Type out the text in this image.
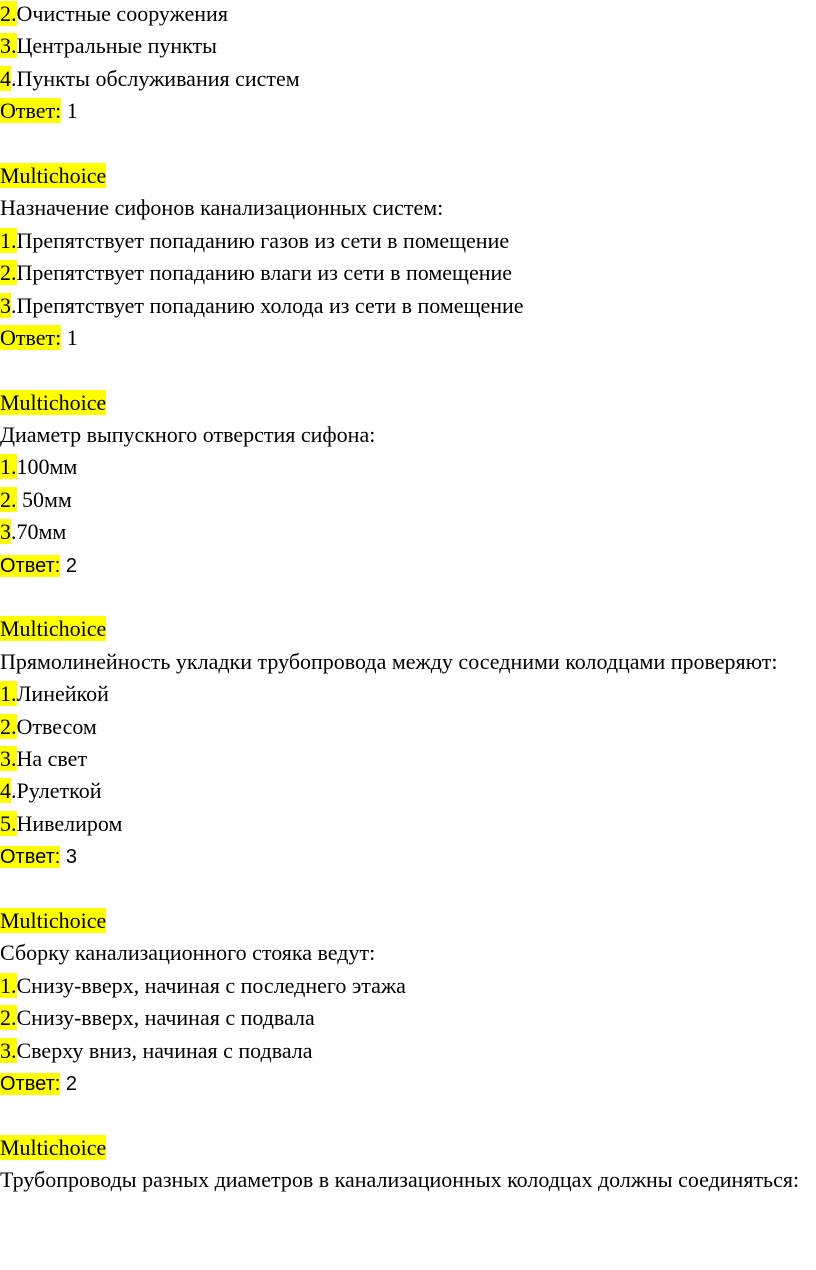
2.Очистные сооружения
3.Центральные пункты
4.Пункты обслуживания систем
Ответ: 1
Multichoice
Назначение сифонов канализационных систем:
1.Препятствует попаданию газов из сети в помещение
2.Препятствует попаданию влаги из сети в помещение
3.Препятствует попаданию холода из сети в помещение
Ответ: 1
Multichoice
Диаметр выпускного отверстия сифона:
1.100мм
2. 50мм
3.70мм
Ответ: 2
Multichoice
Прямолинейность укладки трубопровода между соседними колодцами проверяют:
1.Линейкой
2.Отвесом
3.На свет
4.Рулеткой
5.Нивелиром
Ответ: 3
Multichoice
Сборку канализационного стояка ведут:
1.Снизу-вверх, начиная с последнего этажа
2.Снизу-вверх, начиная с подвала
3.Сверху вниз, начиная с подвала
Ответ: 2
Multichoice
Трубопроводы разных диаметров в канализационных колодцах должны соединяться:
